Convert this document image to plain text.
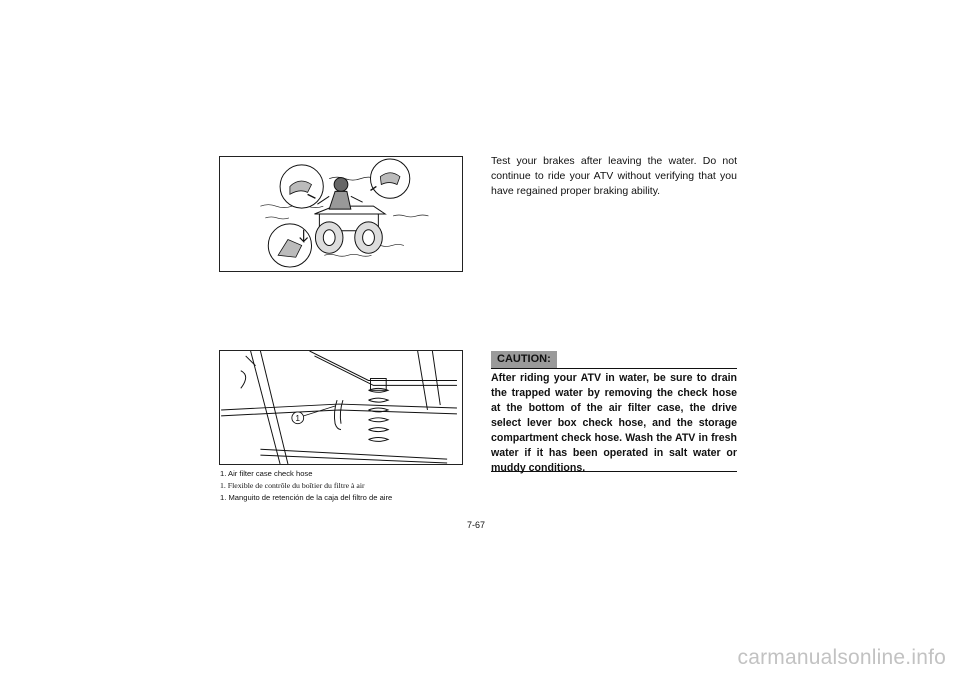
1
1. Air filter case check hose
1. Flexible de contrôle du boîtier du filtre à air
1. Manguito de retención de la caja del filtro de aire
Test your brakes after leaving the water. Do not continue to ride your ATV without verifying that you have regained proper braking ability.
CAUTION:
After riding your ATV in water, be sure to drain the trapped water by removing the check hose at the bottom of the air filter case, the drive select lever box check hose, and the storage compartment check hose. Wash the ATV in fresh water if it has been operated in salt water or muddy conditions.
7-67
carmanualsonline.info
